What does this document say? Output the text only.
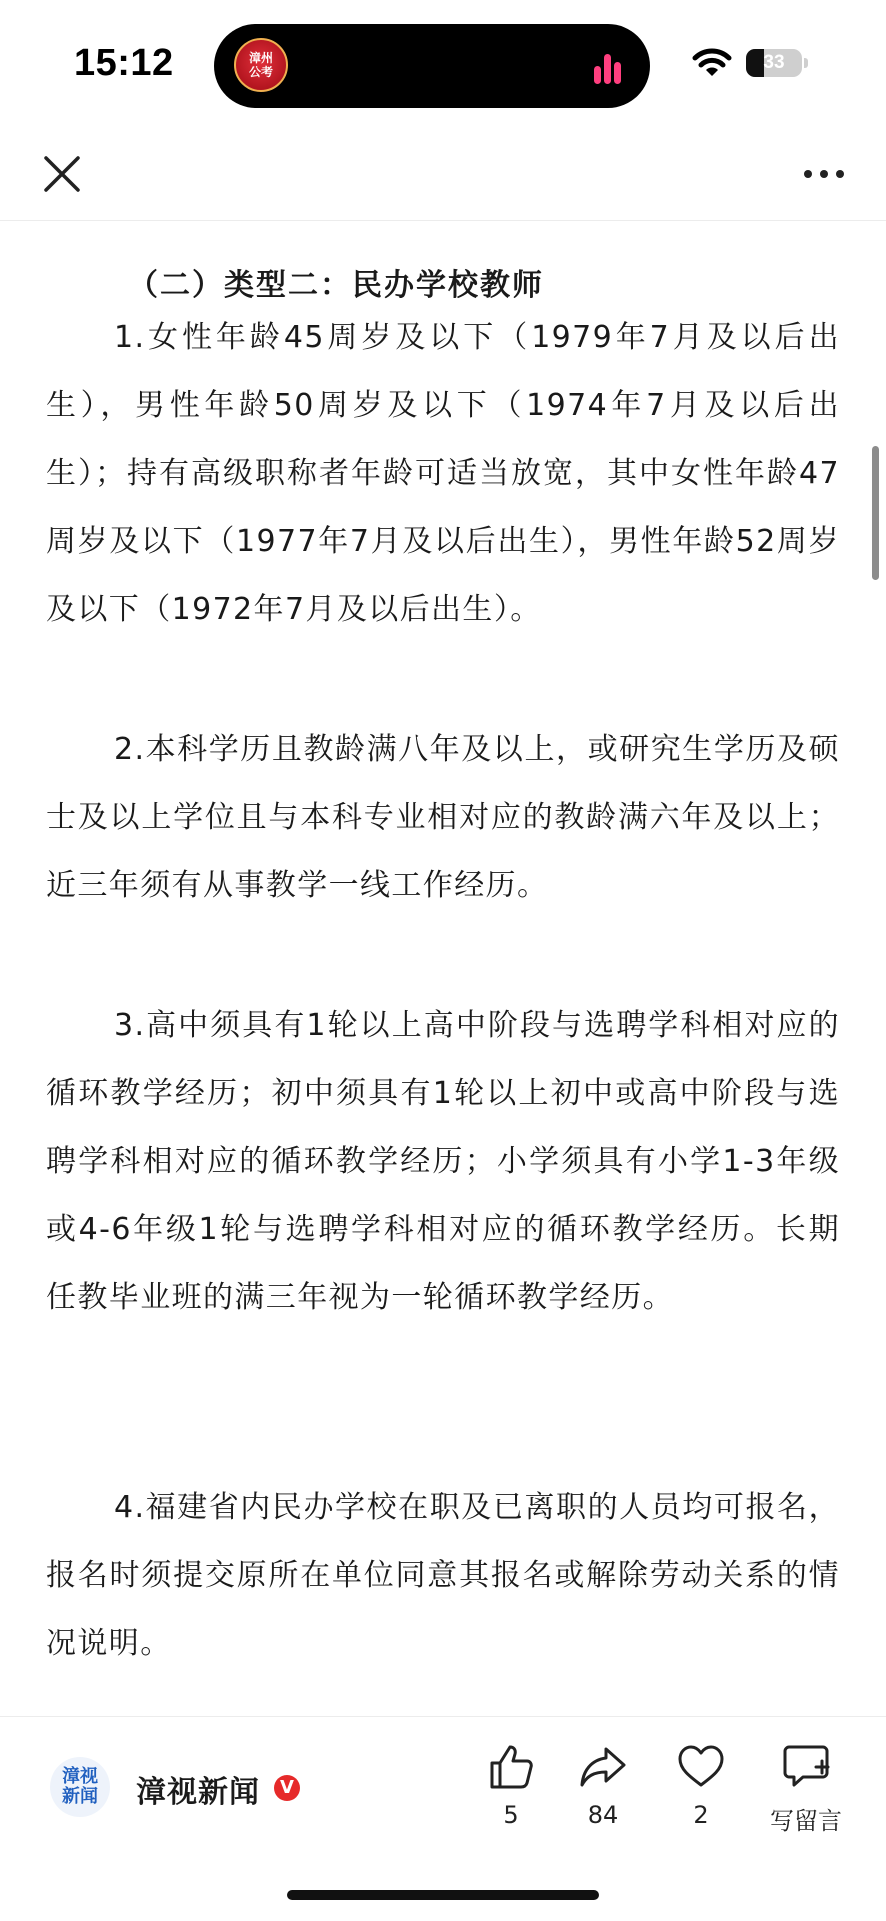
15:12	漳州
公考	33
（二）类型二：民办学校教师

1.女性年龄45周岁及以下（1979年7月及以后出生），男性年龄50周岁及以下（1974年7月及以后出生）；持有高级职称者年龄可适当放宽，其中女性年龄47周岁及以下（1977年7月及以后出生），男性年龄52周岁及以下（1972年7月及以后出生）。

2.本科学历且教龄满八年及以上，或研究生学历及硕士及以上学位且与本科专业相对应的教龄满六年及以上；近三年须有从事教学一线工作经历。

3.高中须具有1轮以上高中阶段与选聘学科相对应的循环教学经历；初中须具有1轮以上初中或高中阶段与选聘学科相对应的循环教学经历；小学须具有小学1-3年级或4-6年级1轮与选聘学科相对应的循环教学经历。长期任教毕业班的满三年视为一轮循环教学经历。

4.福建省内民办学校在职及已离职的人员均可报名，报名时须提交原所在单位同意其报名或解除劳动关系的情况说明。

漳视
新闻	漳视新闻	V
5	84	2	写留言
